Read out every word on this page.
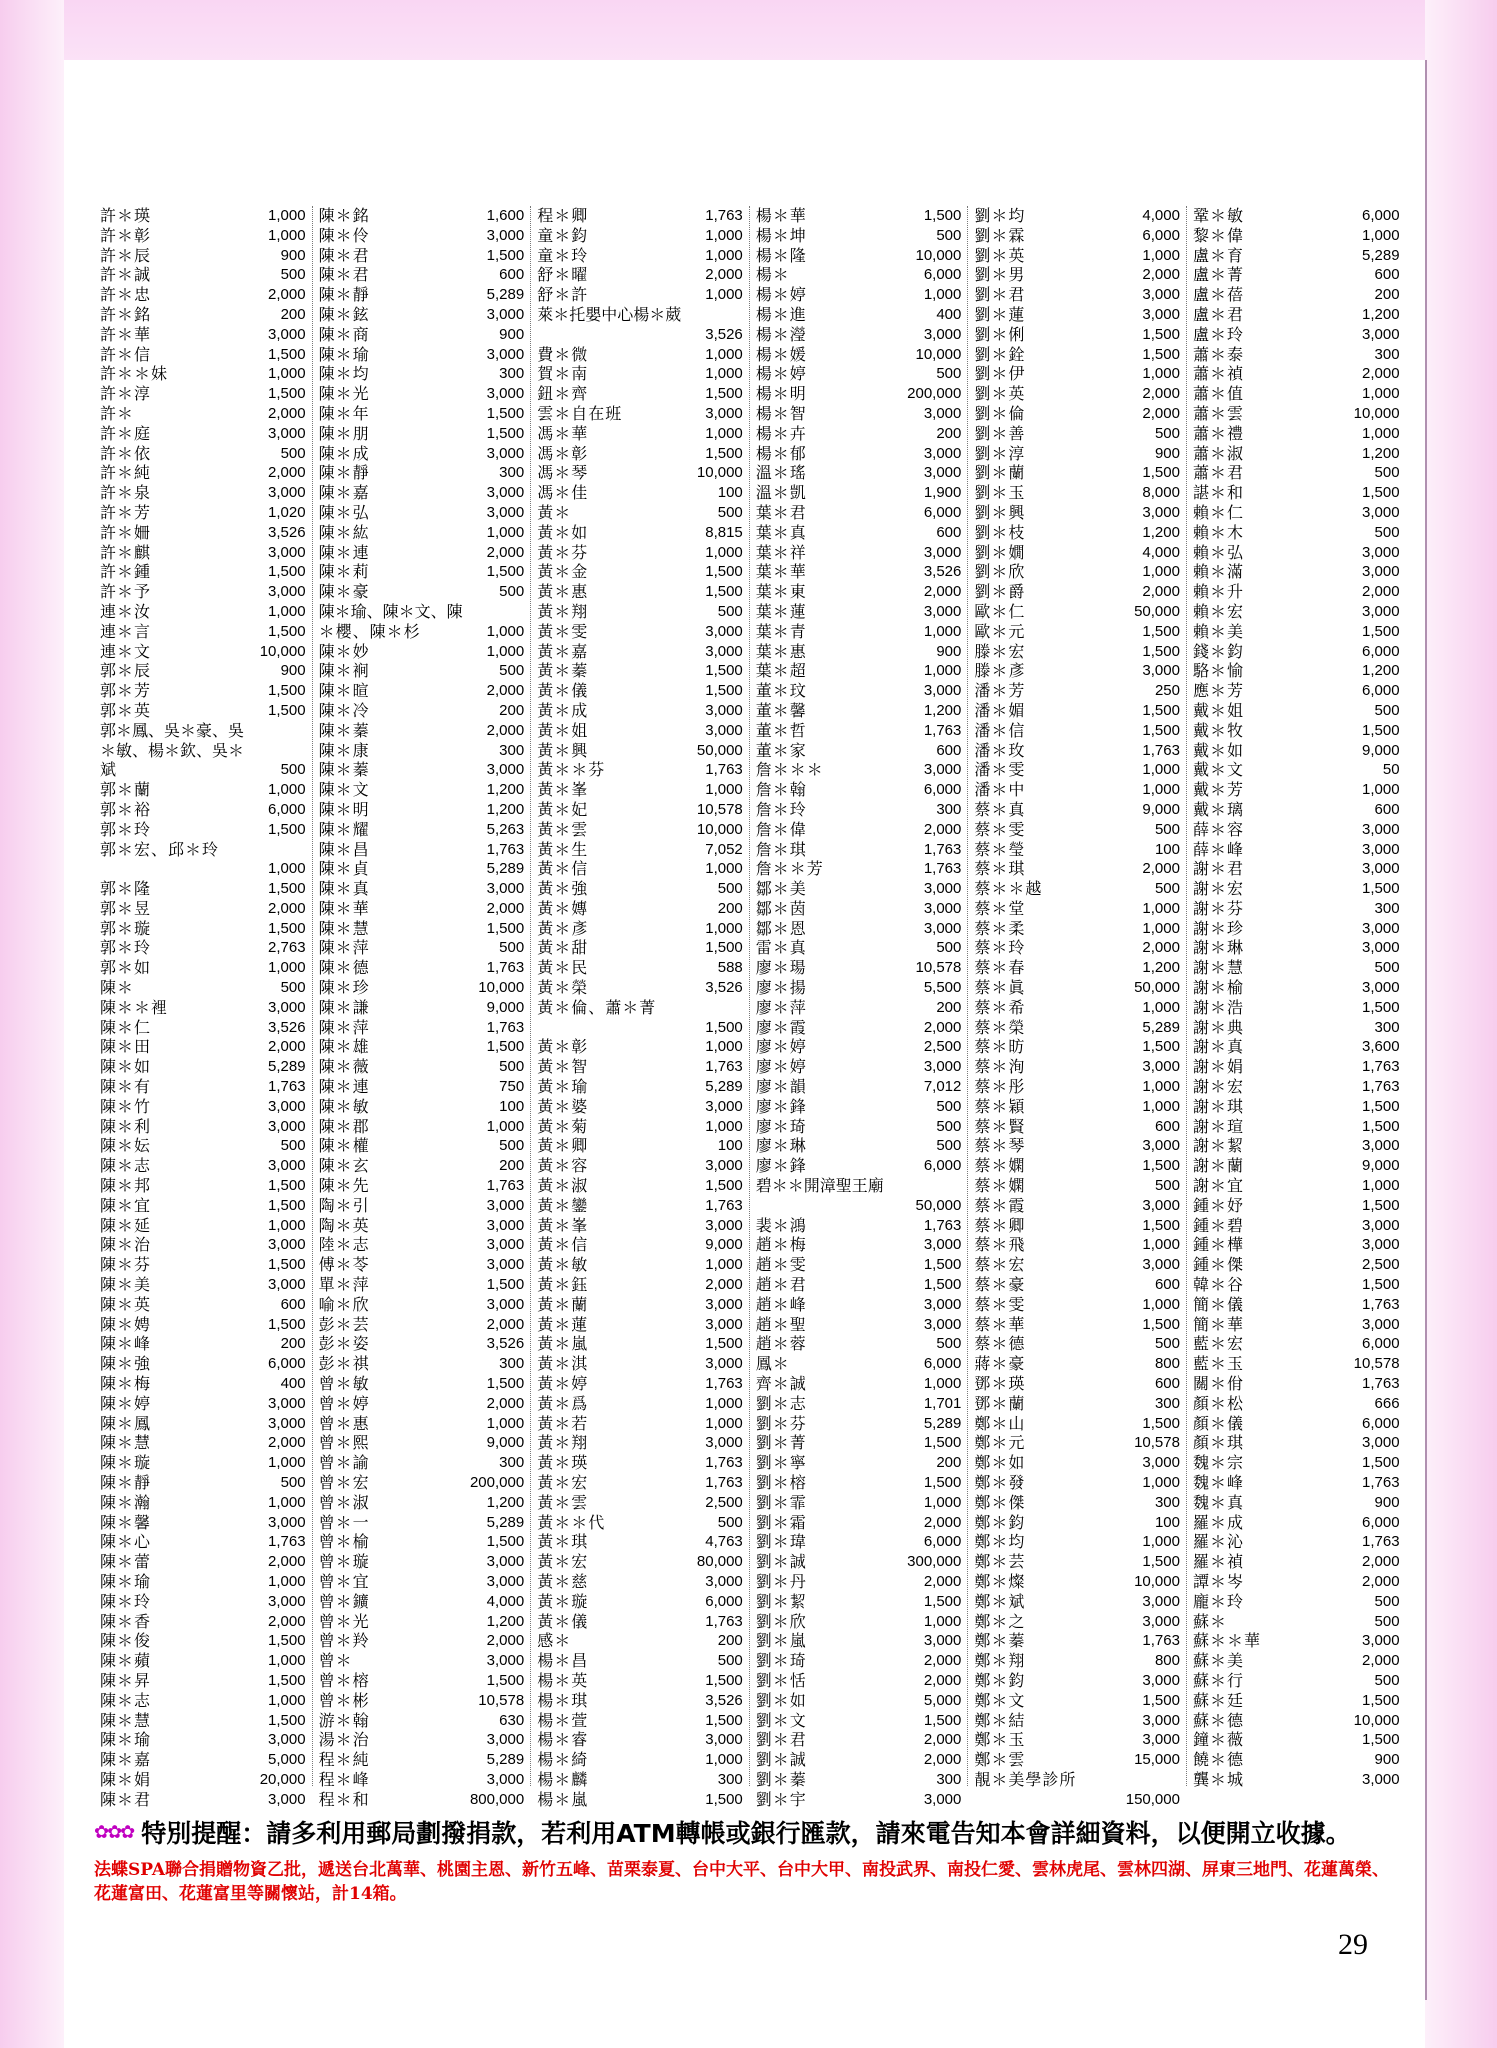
許＊瑛	1,000
許＊彰	1,000
許＊辰	900
許＊誠	500
許＊忠	2,000
許＊銘	200
許＊華	3,000
許＊信	1,500
許＊＊妹	1,000
許＊淳	1,500
許＊	2,000
許＊庭	3,000
許＊依	500
許＊純	2,000
許＊泉	3,000
許＊芳	1,020
許＊姍	3,526
許＊麒	3,000
許＊鍾	1,500
許＊予	3,000
連＊汝	1,000
連＊言	1,500
連＊文	10,000
郭＊辰	900
郭＊芳	1,500
郭＊英	1,500
郭＊鳳、吳＊豪、吳
＊敏、楊＊欽、吳＊
斌	500
郭＊蘭	1,000
郭＊裕	6,000
郭＊玲	1,500
郭＊宏、邱＊玲
1,000
郭＊隆	1,500
郭＊昱	2,000
郭＊璇	1,500
郭＊玲	2,763
郭＊如	1,000
陳＊	500
陳＊＊裡	3,000
陳＊仁	3,526
陳＊田	2,000
陳＊如	5,289
陳＊有	1,763
陳＊竹	3,000
陳＊利	3,000
陳＊妘	500
陳＊志	3,000
陳＊邦	1,500
陳＊宜	1,500
陳＊延	1,000
陳＊治	3,000
陳＊芬	1,500
陳＊美	3,000
陳＊英	600
陳＊娉	1,500
陳＊峰	200
陳＊強	6,000
陳＊梅	400
陳＊婷	3,000
陳＊鳳	3,000
陳＊慧	2,000
陳＊璇	1,000
陳＊靜	500
陳＊瀚	1,000
陳＊馨	3,000
陳＊心	1,763
陳＊蕾	2,000
陳＊瑜	1,000
陳＊玲	3,000
陳＊香	2,000
陳＊俊	1,500
陳＊蘋	1,000
陳＊昇	1,500
陳＊志	1,000
陳＊慧	1,500
陳＊瑜	3,000
陳＊嘉	5,000
陳＊娟	20,000
陳＊君	3,000
陳＊銘	1,600
陳＊伶	3,000
陳＊君	1,500
陳＊君	600
陳＊靜	5,289
陳＊鉉	3,000
陳＊商	900
陳＊瑜	3,000
陳＊均	300
陳＊光	3,000
陳＊年	1,500
陳＊朋	1,500
陳＊成	3,000
陳＊靜	300
陳＊嘉	3,000
陳＊弘	3,000
陳＊紘	1,000
陳＊連	2,000
陳＊莉	1,500
陳＊豪	500
陳＊瑜、陳＊文、陳
＊櫻、陳＊杉	1,000
陳＊妙	1,000
陳＊裥	500
陳＊暄	2,000
陳＊冷	200
陳＊蓁	2,000
陳＊康	300
陳＊蓁	3,000
陳＊文	1,200
陳＊明	1,200
陳＊耀	5,263
陳＊昌	1,763
陳＊貞	5,289
陳＊真	3,000
陳＊華	2,000
陳＊慧	1,500
陳＊萍	500
陳＊德	1,763
陳＊珍	10,000
陳＊謙	9,000
陳＊萍	1,763
陳＊雄	1,500
陳＊薇	500
陳＊連	750
陳＊敏	100
陳＊郡	1,000
陳＊權	500
陳＊玄	200
陳＊先	1,763
陶＊引	3,000
陶＊英	3,000
陸＊志	3,000
傅＊苓	3,000
單＊萍	1,500
喻＊欣	3,000
彭＊芸	2,000
彭＊姿	3,526
彭＊祺	300
曾＊敏	1,500
曾＊婷	2,000
曾＊惠	1,000
曾＊熙	9,000
曾＊諭	300
曾＊宏	200,000
曾＊淑	1,200
曾＊一	5,289
曾＊榆	1,500
曾＊璇	3,000
曾＊宜	3,000
曾＊鑛	4,000
曾＊光	1,200
曾＊羚	2,000
曾＊	3,000
曾＊榕	1,500
曾＊彬	10,578
游＊翰	630
湯＊治	3,000
程＊純	5,289
程＊峰	3,000
程＊和	800,000
程＊卿	1,763
童＊鈞	1,000
童＊玲	1,000
舒＊曜	2,000
舒＊許	1,000
萊＊托嬰中心楊＊葳
3,526
費＊微	1,000
賀＊南	1,000
鈕＊齊	1,500
雲＊自在班	3,000
馮＊華	1,000
馮＊彰	1,500
馮＊琴	10,000
馮＊佳	100
黃＊	500
黃＊如	8,815
黃＊芬	1,000
黃＊金	1,500
黃＊惠	1,500
黃＊翔	500
黃＊雯	3,000
黃＊嘉	3,000
黃＊蓁	1,500
黃＊儀	1,500
黃＊成	3,000
黃＊姐	3,000
黃＊興	50,000
黃＊＊芬	1,763
黃＊峯	1,000
黃＊妃	10,578
黃＊雲	10,000
黃＊生	7,052
黃＊信	1,000
黃＊強	500
黃＊嫥	200
黃＊彥	1,000
黃＊甜	1,500
黃＊民	588
黃＊榮	3,526
黃＊倫、蕭＊菁
1,500
黃＊彰	1,000
黃＊智	1,763
黃＊瑜	5,289
黃＊婆	3,000
黃＊菊	1,000
黃＊卿	100
黃＊容	3,000
黃＊淑	1,500
黃＊鑾	1,763
黃＊峯	3,000
黃＊信	9,000
黃＊敏	1,000
黃＊鈺	2,000
黃＊蘭	3,000
黃＊蓮	3,000
黃＊嵐	1,500
黃＊淇	3,000
黃＊婷	1,763
黃＊爲	1,000
黃＊若	1,000
黃＊翔	3,000
黃＊瑛	1,763
黃＊宏	1,763
黃＊雲	2,500
黃＊＊代	500
黃＊琪	4,763
黃＊宏	80,000
黃＊慈	3,000
黃＊璇	6,000
黃＊儀	1,763
感＊	200
楊＊昌	500
楊＊英	1,500
楊＊琪	3,526
楊＊萱	1,500
楊＊睿	3,000
楊＊綺	1,000
楊＊麟	300
楊＊嵐	1,500
楊＊華	1,500
楊＊坤	500
楊＊隆	10,000
楊＊	6,000
楊＊婷	1,000
楊＊進	400
楊＊瀅	3,000
楊＊媛	10,000
楊＊婷	500
楊＊明	200,000
楊＊智	3,000
楊＊卉	200
楊＊郁	3,000
溫＊瑤	3,000
溫＊凱	1,900
葉＊君	6,000
葉＊真	600
葉＊祥	3,000
葉＊華	3,526
葉＊東	2,000
葉＊蓮	3,000
葉＊青	1,000
葉＊惠	900
葉＊超	1,000
董＊玟	3,000
董＊馨	1,200
董＊哲	1,763
董＊家	600
詹＊＊＊	3,000
詹＊翰	6,000
詹＊玲	300
詹＊偉	2,000
詹＊琪	1,763
詹＊＊芳	1,763
鄒＊美	3,000
鄒＊茵	3,000
鄒＊恩	3,000
雷＊真	500
廖＊瑒	10,578
廖＊揚	5,500
廖＊萍	200
廖＊霞	2,000
廖＊婷	2,500
廖＊婷	3,000
廖＊韻	7,012
廖＊鋒	500
廖＊琦	500
廖＊琳	500
廖＊鋒	6,000
碧＊＊開漳聖王廟
50,000
裴＊鴻	1,763
趙＊梅	3,000
趙＊雯	1,500
趙＊君	1,500
趙＊峰	3,000
趙＊聖	3,000
趙＊蓉	500
鳳＊	6,000
齊＊誠	1,000
劉＊志	1,701
劉＊芬	5,289
劉＊菁	1,500
劉＊寧	200
劉＊榕	1,500
劉＊霏	1,000
劉＊霜	2,000
劉＊瑋	6,000
劉＊誠	300,000
劉＊丹	2,000
劉＊絜	1,500
劉＊欣	1,000
劉＊嵐	3,000
劉＊琦	2,000
劉＊恬	2,000
劉＊如	5,000
劉＊文	1,500
劉＊君	2,000
劉＊誠	2,000
劉＊蓁	300
劉＊宇	3,000
劉＊均	4,000
劉＊霖	6,000
劉＊英	1,000
劉＊男	2,000
劉＊君	3,000
劉＊蓮	3,000
劉＊俐	1,500
劉＊銓	1,500
劉＊伊	1,000
劉＊英	2,000
劉＊倫	2,000
劉＊善	500
劉＊淳	900
劉＊蘭	1,500
劉＊玉	8,000
劉＊興	3,000
劉＊枝	1,200
劉＊嫺	4,000
劉＊欣	1,000
劉＊爵	2,000
歐＊仁	50,000
歐＊元	1,500
滕＊宏	1,500
滕＊彥	3,000
潘＊芳	250
潘＊媚	1,500
潘＊信	1,500
潘＊玫	1,763
潘＊雯	1,000
潘＊中	1,000
蔡＊真	9,000
蔡＊雯	500
蔡＊瑩	100
蔡＊琪	2,000
蔡＊＊越	500
蔡＊堂	1,000
蔡＊柔	1,000
蔡＊玲	2,000
蔡＊春	1,200
蔡＊眞	50,000
蔡＊希	1,000
蔡＊榮	5,289
蔡＊昉	1,500
蔡＊洵	3,000
蔡＊彤	1,000
蔡＊穎	1,000
蔡＊賢	600
蔡＊琴	3,000
蔡＊嫻	1,500
蔡＊嫻	500
蔡＊霞	3,000
蔡＊卿	1,500
蔡＊飛	1,000
蔡＊宏	3,000
蔡＊豪	600
蔡＊雯	1,000
蔡＊華	1,500
蔡＊德	500
蔣＊豪	800
鄧＊瑛	600
鄧＊蘭	300
鄭＊山	1,500
鄭＊元	10,578
鄭＊如	3,000
鄭＊發	1,000
鄭＊傑	300
鄭＊鈞	100
鄭＊均	1,000
鄭＊芸	1,500
鄭＊燦	10,000
鄭＊斌	3,000
鄭＊之	3,000
鄭＊蓁	1,763
鄭＊翔	800
鄭＊鈞	3,000
鄭＊文	1,500
鄭＊結	3,000
鄭＊玉	3,000
鄭＊雲	15,000
靚＊美學診所
150,000
鞏＊敏	6,000
黎＊偉	1,000
盧＊育	5,289
盧＊菁	600
盧＊蓓	200
盧＊君	1,200
盧＊玲	3,000
蕭＊泰	300
蕭＊禎	2,000
蕭＊值	1,000
蕭＊雲	10,000
蕭＊禮	1,000
蕭＊淑	1,200
蕭＊君	500
諶＊和	1,500
賴＊仁	3,000
賴＊木	500
賴＊弘	3,000
賴＊滿	3,000
賴＊升	2,000
賴＊宏	3,000
賴＊美	1,500
錢＊鈞	6,000
駱＊愉	1,200
應＊芳	6,000
戴＊姐	500
戴＊牧	1,500
戴＊如	9,000
戴＊文	50
戴＊芳	1,000
戴＊璃	600
薛＊容	3,000
薛＊峰	3,000
謝＊君	3,000
謝＊宏	1,500
謝＊芬	300
謝＊珍	3,000
謝＊琳	3,000
謝＊慧	500
謝＊榆	3,000
謝＊浩	1,500
謝＊典	300
謝＊真	3,600
謝＊娟	1,763
謝＊宏	1,763
謝＊琪	1,500
謝＊瑄	1,500
謝＊絜	3,000
謝＊蘭	9,000
謝＊宜	1,000
鍾＊妤	1,500
鍾＊碧	3,000
鍾＊樺	3,000
鍾＊傑	2,500
韓＊谷	1,500
簡＊儀	1,763
簡＊華	3,000
藍＊宏	6,000
藍＊玉	10,578
關＊佾	1,763
顏＊松	666
顏＊儀	6,000
顏＊琪	3,000
魏＊宗	1,500
魏＊峰	1,763
魏＊真	900
羅＊成	6,000
羅＊沁	1,763
羅＊禎	2,000
譚＊岑	2,000
龐＊玲	500
蘇＊	500
蘇＊＊華	3,000
蘇＊美	2,000
蘇＊行	500
蘇＊廷	1,500
蘇＊德	10,000
鐘＊薇	1,500
饒＊德	900
龔＊城	3,000
✿✿✿ 特別提醒：請多利用郵局劃撥捐款，若利用ATM轉帳或銀行匯款，請來電告知本會詳細資料，以便開立收據。
法蝶SPA聯合捐贈物資乙批，遞送台北萬華、桃園主恩、新竹五峰、苗栗泰夏、台中大平、台中大甲、南投武界、南投仁愛、雲林虎尾、雲林四湖、屏東三地門、花蓮萬榮、花蓮富田、花蓮富里等關懷站，計14箱。
29
